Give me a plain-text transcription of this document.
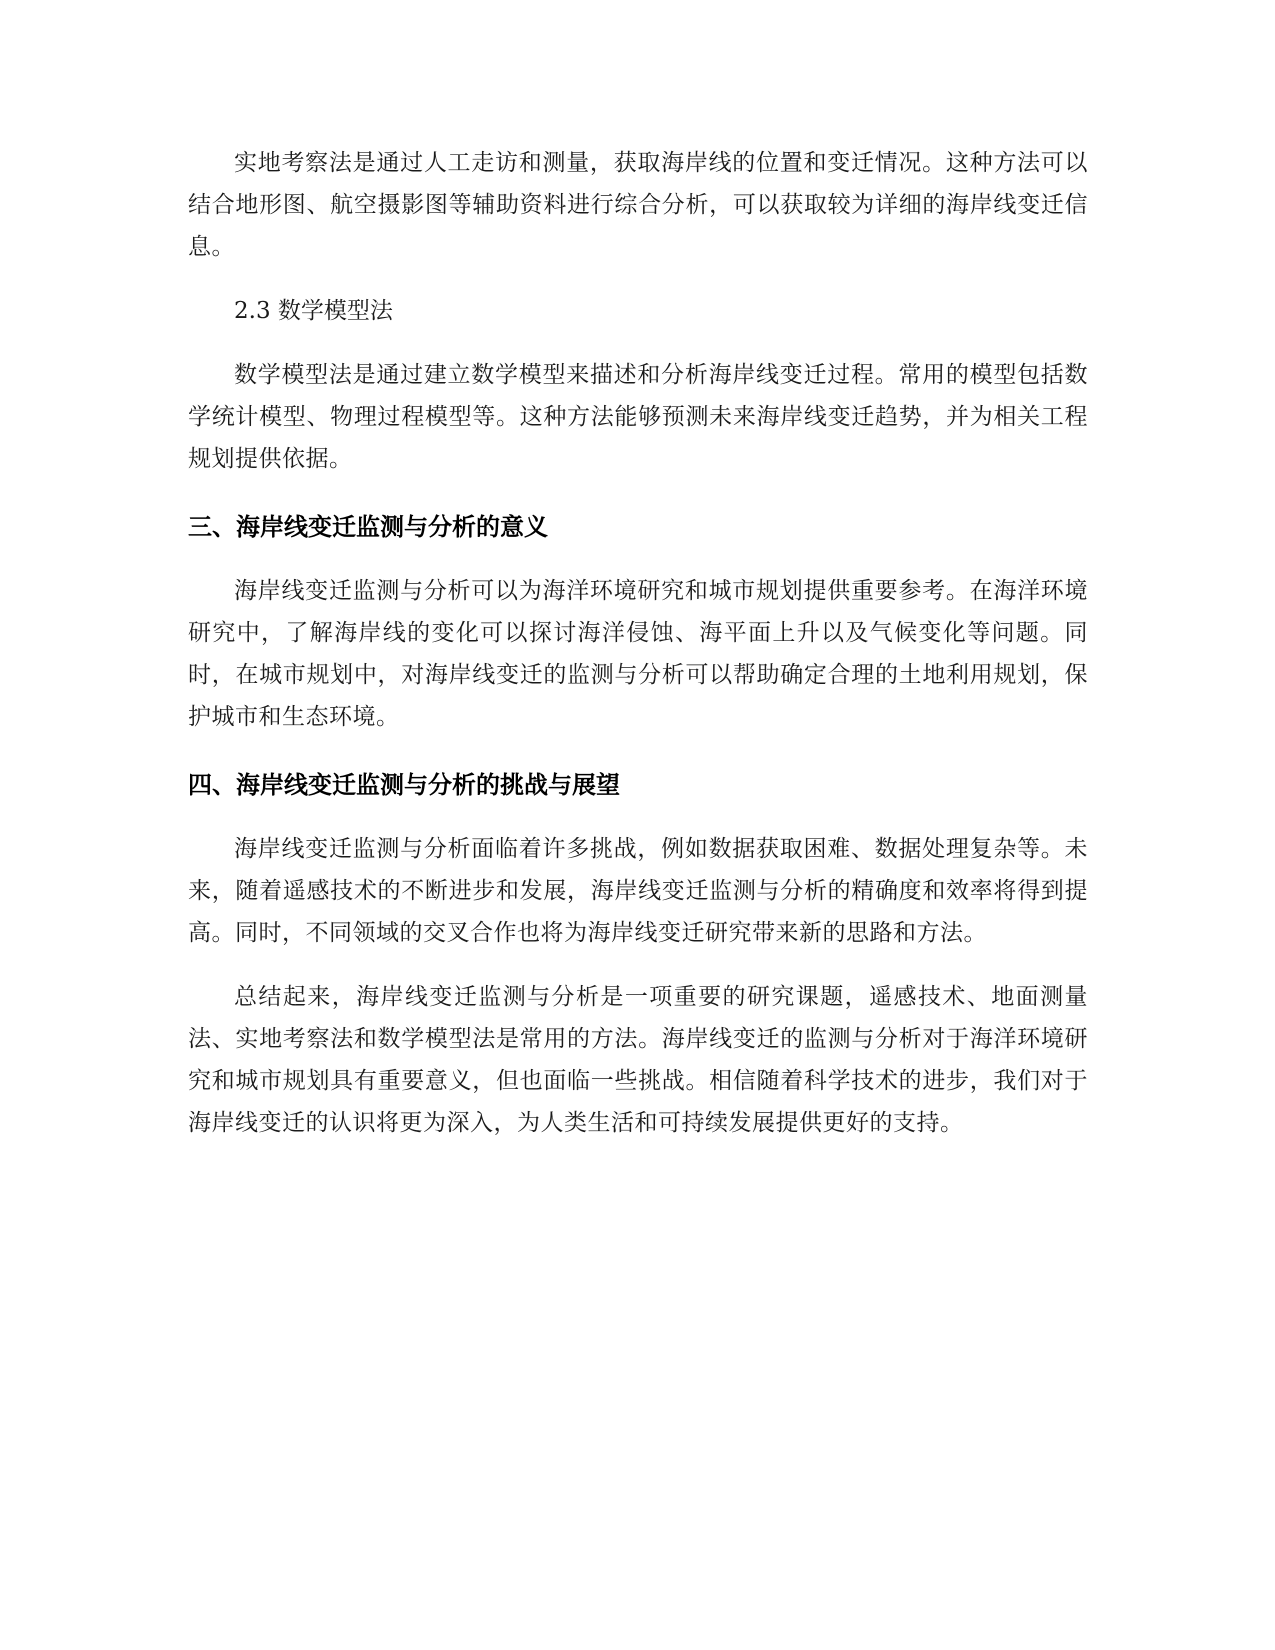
实地考察法是通过人工走访和测量，获取海岸线的位置和变迁情况。这种方法可以结合地形图、航空摄影图等辅助资料进行综合分析，可以获取较为详细的海岸线变迁信息。

2.3 数学模型法

数学模型法是通过建立数学模型来描述和分析海岸线变迁过程。常用的模型包括数学统计模型、物理过程模型等。这种方法能够预测未来海岸线变迁趋势，并为相关工程规划提供依据。

三、海岸线变迁监测与分析的意义

海岸线变迁监测与分析可以为海洋环境研究和城市规划提供重要参考。在海洋环境研究中，了解海岸线的变化可以探讨海洋侵蚀、海平面上升以及气候变化等问题。同时，在城市规划中，对海岸线变迁的监测与分析可以帮助确定合理的土地利用规划，保护城市和生态环境。

四、海岸线变迁监测与分析的挑战与展望

海岸线变迁监测与分析面临着许多挑战，例如数据获取困难、数据处理复杂等。未来，随着遥感技术的不断进步和发展，海岸线变迁监测与分析的精确度和效率将得到提高。同时，不同领域的交叉合作也将为海岸线变迁研究带来新的思路和方法。

总结起来，海岸线变迁监测与分析是一项重要的研究课题，遥感技术、地面测量法、实地考察法和数学模型法是常用的方法。海岸线变迁的监测与分析对于海洋环境研究和城市规划具有重要意义，但也面临一些挑战。相信随着科学技术的进步，我们对于海岸线变迁的认识将更为深入，为人类生活和可持续发展提供更好的支持。
